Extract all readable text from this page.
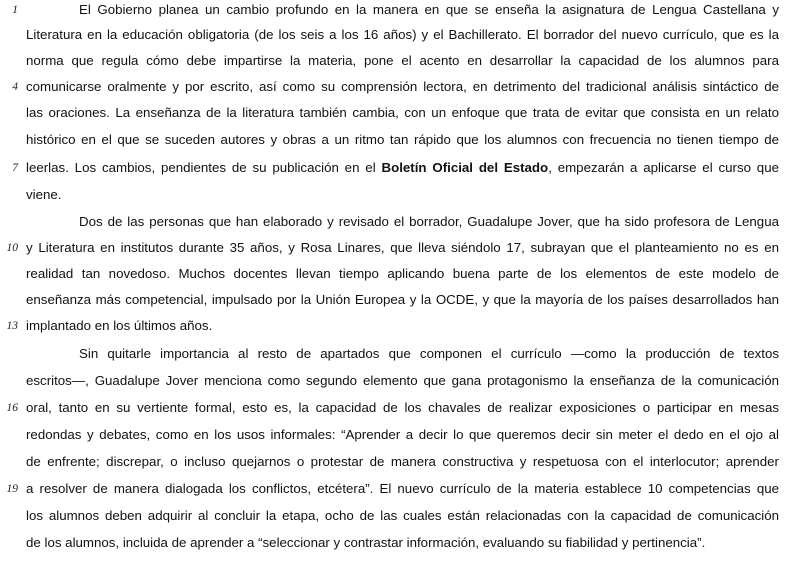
1	El Gobierno planea un cambio profundo en la manera en que se enseña la asignatura de Lengua Castellana y
Literatura en la educación obligatoria (de los seis a los 16 años) y el Bachillerato. El borrador del nuevo currículo, que es la
norma que regula cómo debe impartirse la materia, pone el acento en desarrollar la capacidad de los alumnos para
4 comunicarse oralmente y por escrito, así como su comprensión lectora, en detrimento del tradicional análisis sintáctico de
las oraciones. La enseñanza de la literatura también cambia, con un enfoque que trata de evitar que consista en un relato
histórico en el que se suceden autores y obras a un ritmo tan rápido que los alumnos con frecuencia no tienen tiempo de
7 leerlas. Los cambios, pendientes de su publicación en el Boletín Oficial del Estado, empezarán a aplicarse el curso que
viene.
Dos de las personas que han elaborado y revisado el borrador, Guadalupe Jover, que ha sido profesora de Lengua
10 y Literatura en institutos durante 35 años, y Rosa Linares, que lleva siéndolo 17, subrayan que el planteamiento no es en
realidad tan novedoso. Muchos docentes llevan tiempo aplicando buena parte de los elementos de este modelo de
enseñanza más competencial, impulsado por la Unión Europea y la OCDE, y que la mayoría de los países desarrollados han
13 implantado en los últimos años.
Sin quitarle importancia al resto de apartados que componen el currículo —como la producción de textos
escritos—, Guadalupe Jover menciona como segundo elemento que gana protagonismo la enseñanza de la comunicación
16 oral, tanto en su vertiente formal, esto es, la capacidad de los chavales de realizar exposiciones o participar en mesas
redondas y debates, como en los usos informales: “Aprender a decir lo que queremos decir sin meter el dedo en el ojo al
de enfrente; discrepar, o incluso quejarnos o protestar de manera constructiva y respetuosa con el interlocutor; aprender
19 a resolver de manera dialogada los conflictos, etcétera”. El nuevo currículo de la materia establece 10 competencias que
los alumnos deben adquirir al concluir la etapa, ocho de las cuales están relacionadas con la capacidad de comunicación
de los alumnos, incluida de aprender a “seleccionar y contrastar información, evaluando su fiabilidad y pertinencia”.
